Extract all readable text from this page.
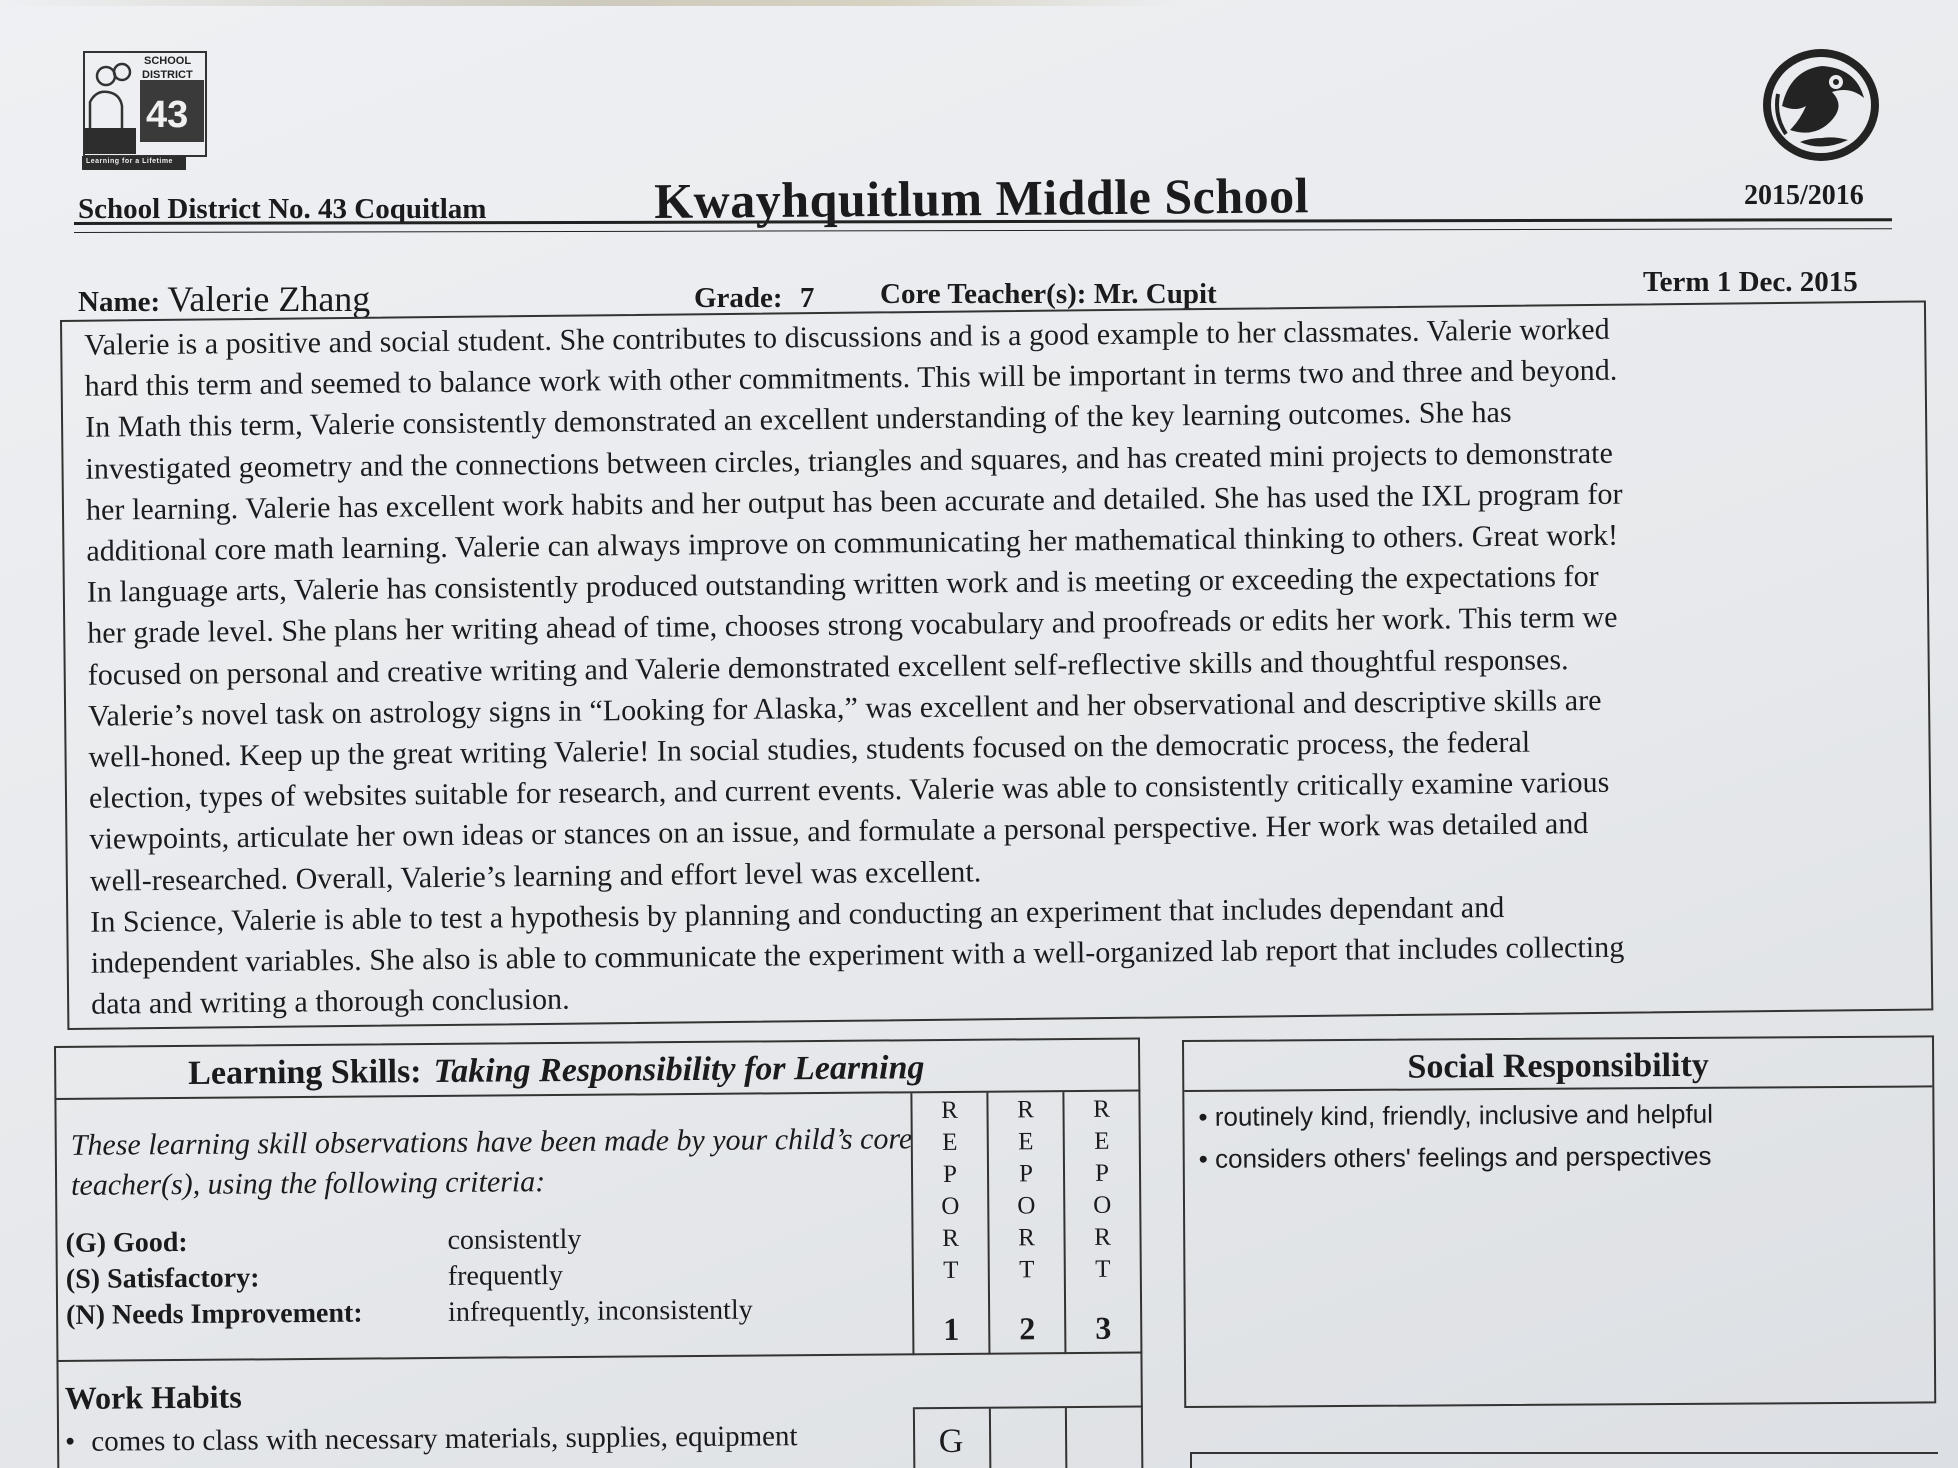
SCHOOL
DISTRICT
43
Learning for a Lifetime
School District No. 43 Coquitlam	Kwayhquitlum Middle School	2015/2016
Name: Valerie Zhang	Grade: 7 Core Teacher(s): Mr. Cupit	Term 1 Dec. 2015
Valerie is a positive and social student. She contributes to discussions and is a good example to her classmates. Valerie worked
hard this term and seemed to balance work with other commitments. This will be important in terms two and three and beyond.
In Math this term, Valerie consistently demonstrated an excellent understanding of the key learning outcomes. She has
investigated geometry and the connections between circles, triangles and squares, and has created mini projects to demonstrate
her learning. Valerie has excellent work habits and her output has been accurate and detailed. She has used the IXL program for
additional core math learning. Valerie can always improve on communicating her mathematical thinking to others. Great work!
In language arts, Valerie has consistently produced outstanding written work and is meeting or exceeding the expectations for
her grade level. She plans her writing ahead of time, chooses strong vocabulary and proofreads or edits her work. This term we
focused on personal and creative writing and Valerie demonstrated excellent self-reflective skills and thoughtful responses.
Valerie’s novel task on astrology signs in “Looking for Alaska,” was excellent and her observational and descriptive skills are
well-honed. Keep up the great writing Valerie! In social studies, students focused on the democratic process, the federal
election, types of websites suitable for research, and current events. Valerie was able to consistently critically examine various
viewpoints, articulate her own ideas or stances on an issue, and formulate a personal perspective. Her work was detailed and
well-researched. Overall, Valerie’s learning and effort level was excellent.
In Science, Valerie is able to test a hypothesis by planning and conducting an experiment that includes dependant and
independent variables. She also is able to communicate the experiment with a well-organized lab report that includes collecting
data and writing a thorough conclusion.
Learning Skills: Taking Responsibility for Learning
These learning skill observations have been made by your child’s core teacher(s), using the following criteria:
(G) Good:	consistently
(S) Satisfactory:	frequently
(N) Needs Improvement:	infrequently, inconsistently
R
E
P
O
R
T
1
R
E
P
O
R
T
2
R
E
P
O
R
T
3
Work Habits
• comes to class with necessary materials, supplies, equipment	G
Social Responsibility
• routinely kind, friendly, inclusive and helpful
• considers others' feelings and perspectives
